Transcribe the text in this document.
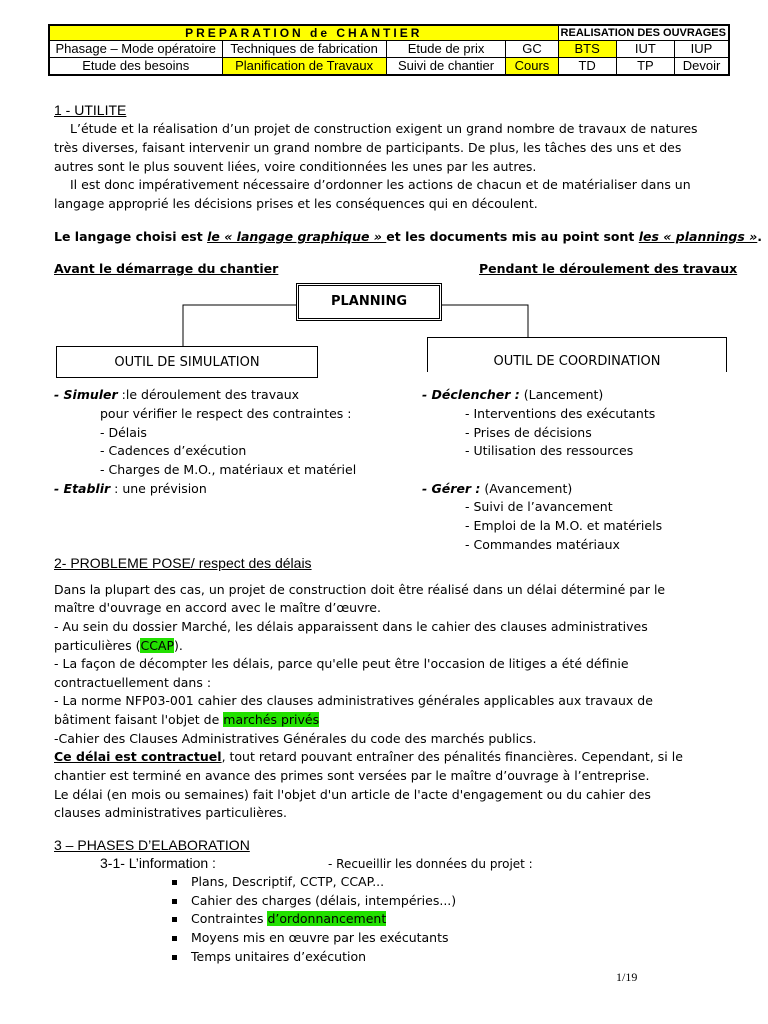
PREPARATION de CHANTIER				REALISATION DES OUVRAGES		
Phasage – Mode opératoire	Techniques de fabrication	Etude de prix	GC	BTS	IUT	IUP
Etude des besoins	Planification de Travaux	Suivi de chantier	Cours	TD	TP	Devoir
1 - UTILITE
L’étude et la réalisation d’un projet de construction exigent un grand nombre de travaux de natures
très diverses, faisant intervenir un grand nombre de participants. De plus, les tâches des uns et des
autres sont le plus souvent liées, voire conditionnées les unes par les autres.
Il est donc impérativement nécessaire d’ordonner les actions de chacun et de matérialiser dans un
langage approprié les décisions prises et les conséquences qui en découlent.
Le langage choisi est le « langage graphique » et les documents mis au point sont les « plannings ».
Avant le démarrage du chantier	Pendant le déroulement des travaux
PLANNING
OUTIL DE SIMULATION	OUTIL DE COORDINATION
- Simuler :le déroulement des travaux
pour vérifier le respect des contraintes :
- Délais
- Cadences d’exécution
- Charges de M.O., matériaux et matériel
- Etablir : une prévision
- Déclencher : (Lancement)
- Interventions des exécutants
- Prises de décisions
- Utilisation des ressources
- Gérer : (Avancement)
- Suivi de l’avancement
- Emploi de la M.O. et matériels
- Commandes matériaux
2- PROBLEME POSE/ respect des délais
Dans la plupart des cas, un projet de construction doit être réalisé dans un délai déterminé par le
maître d'ouvrage en accord avec le maître d’œuvre.
- Au sein du dossier Marché, les délais apparaissent dans le cahier des clauses administratives
particulières (CCAP).
- La façon de décompter les délais, parce qu'elle peut être l'occasion de litiges a été définie
contractuellement dans :
- La norme NFP03-001 cahier des clauses administratives générales applicables aux travaux de
bâtiment faisant l'objet de marchés privés
-Cahier des Clauses Administratives Générales du code des marchés publics.
Ce délai est contractuel, tout retard pouvant entraîner des pénalités financières. Cependant, si le
chantier est terminé en avance des primes sont versées par le maître d’ouvrage à l’entreprise.
Le délai (en mois ou semaines) fait l'objet d'un article de l'acte d'engagement ou du cahier des
clauses administratives particulières.
3 – PHASES D’ELABORATION
3-1- L’information :	- Recueillir les données du projet :
Plans, Descriptif, CCTP, CCAP...
Cahier des charges (délais, intempéries...)
Contraintes d’ordonnancement
Moyens mis en œuvre par les exécutants
Temps unitaires d’exécution
1/19
